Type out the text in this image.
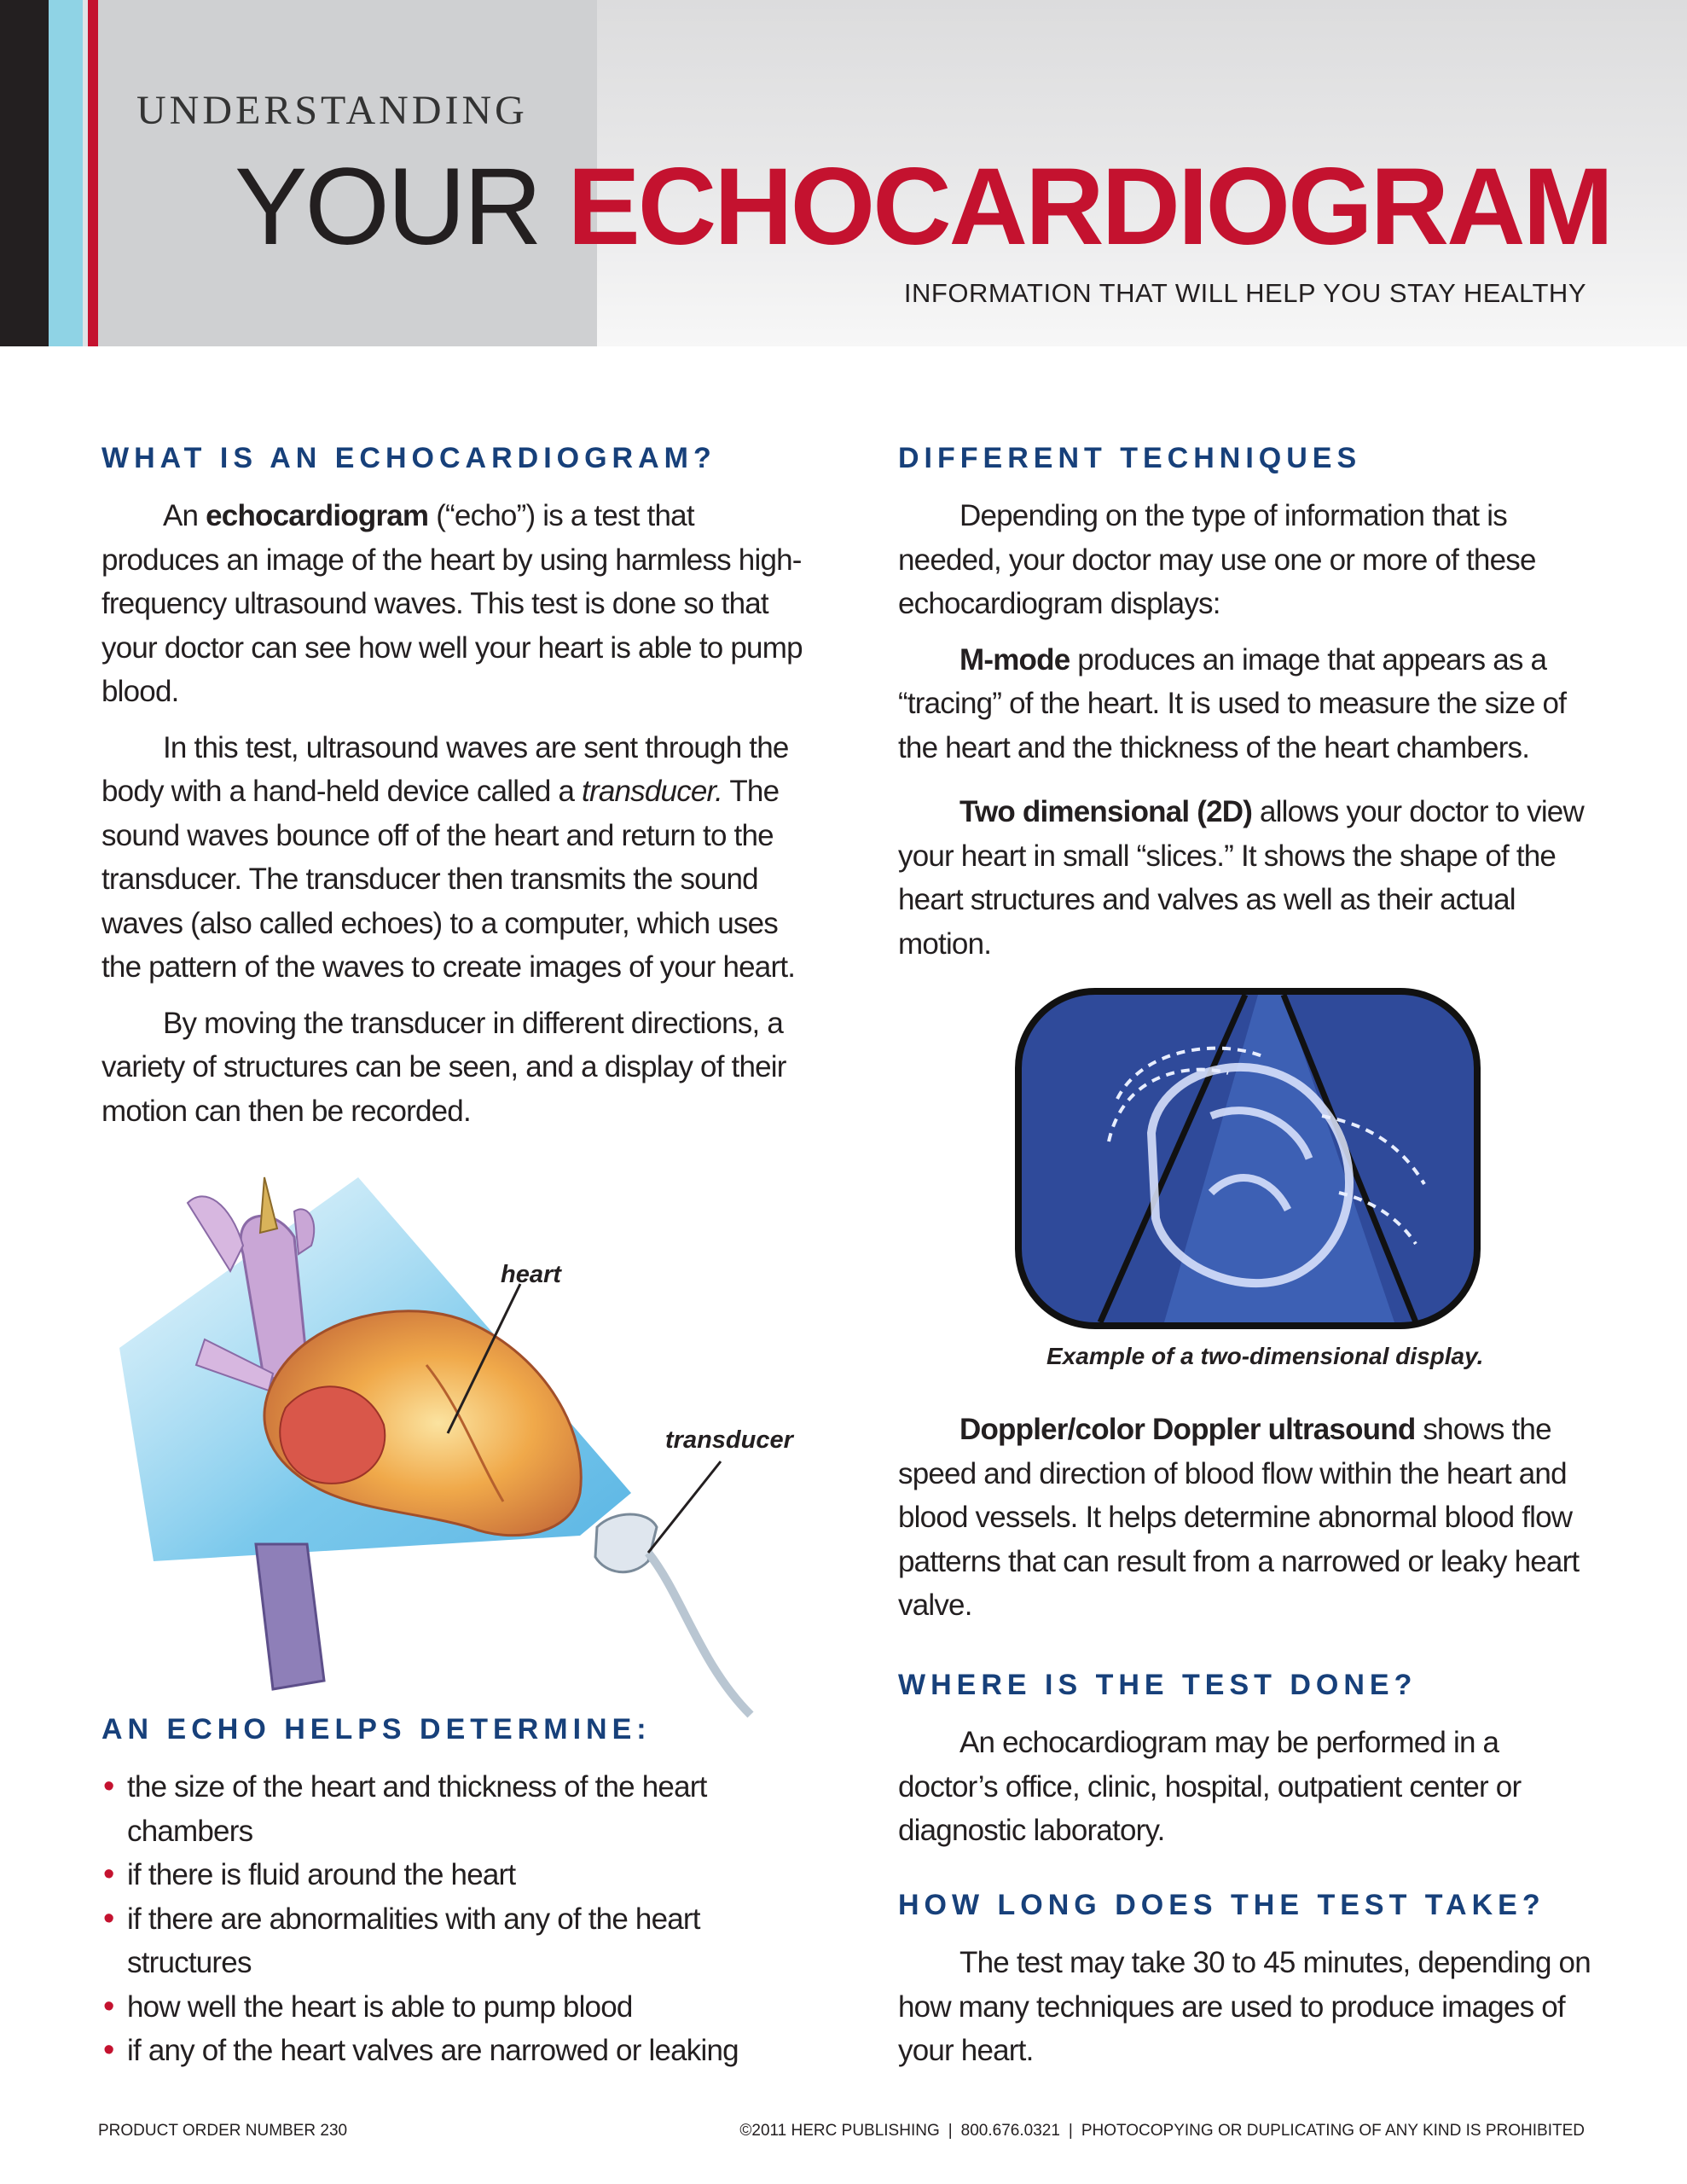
UNDERSTANDING
YOUR ECHOCARDIOGRAM
INFORMATION THAT WILL HELP YOU STAY HEALTHY
WHAT IS AN ECHOCARDIOGRAM?

An echocardiogram (“echo”) is a test that produces an image of the heart by using harmless high-frequency ultrasound waves. This test is done so that your doctor can see how well your heart is able to pump blood.

In this test, ultrasound waves are sent through the body with a hand-held device called a transducer. The sound waves bounce off of the heart and return to the transducer. The transducer then transmits the sound waves (also called echoes) to a computer, which uses the pattern of the waves to create images of your heart.

By moving the transducer in different directions, a variety of structures can be seen, and a display of their motion can then be recorded.

heart
transducer
AN ECHO HELPS DETERMINE:
• the size of the heart and thickness of the heart chambers
• if there is fluid around the heart
• if there are abnormalities with any of the heart structures
• how well the heart is able to pump blood
• if any of the heart valves are narrowed or leaking
DIFFERENT TECHNIQUES

Depending on the type of information that is needed, your doctor may use one or more of these echocardiogram displays:

M-mode produces an image that appears as a “tracing” of the heart. It is used to measure the size of the heart and the thickness of the heart chambers.

Two dimensional (2D) allows your doctor to view your heart in small “slices.” It shows the shape of the heart structures and valves as well as their actual motion.

Example of a two-dimensional display.

Doppler/color Doppler ultrasound shows the speed and direction of blood flow within the heart and blood vessels. It helps determine abnormal blood flow patterns that can result from a narrowed or leaky heart valve.

WHERE IS THE TEST DONE?

An echocardiogram may be performed in a doctor’s office, clinic, hospital, outpatient center or diagnostic laboratory.

HOW LONG DOES THE TEST TAKE?

The test may take 30 to 45 minutes, depending on how many techniques are used to produce images of your heart.

PRODUCT ORDER NUMBER 230	©2011 HERC PUBLISHING | 800.676.0321 | PHOTOCOPYING OR DUPLICATING OF ANY KIND IS PROHIBITED
